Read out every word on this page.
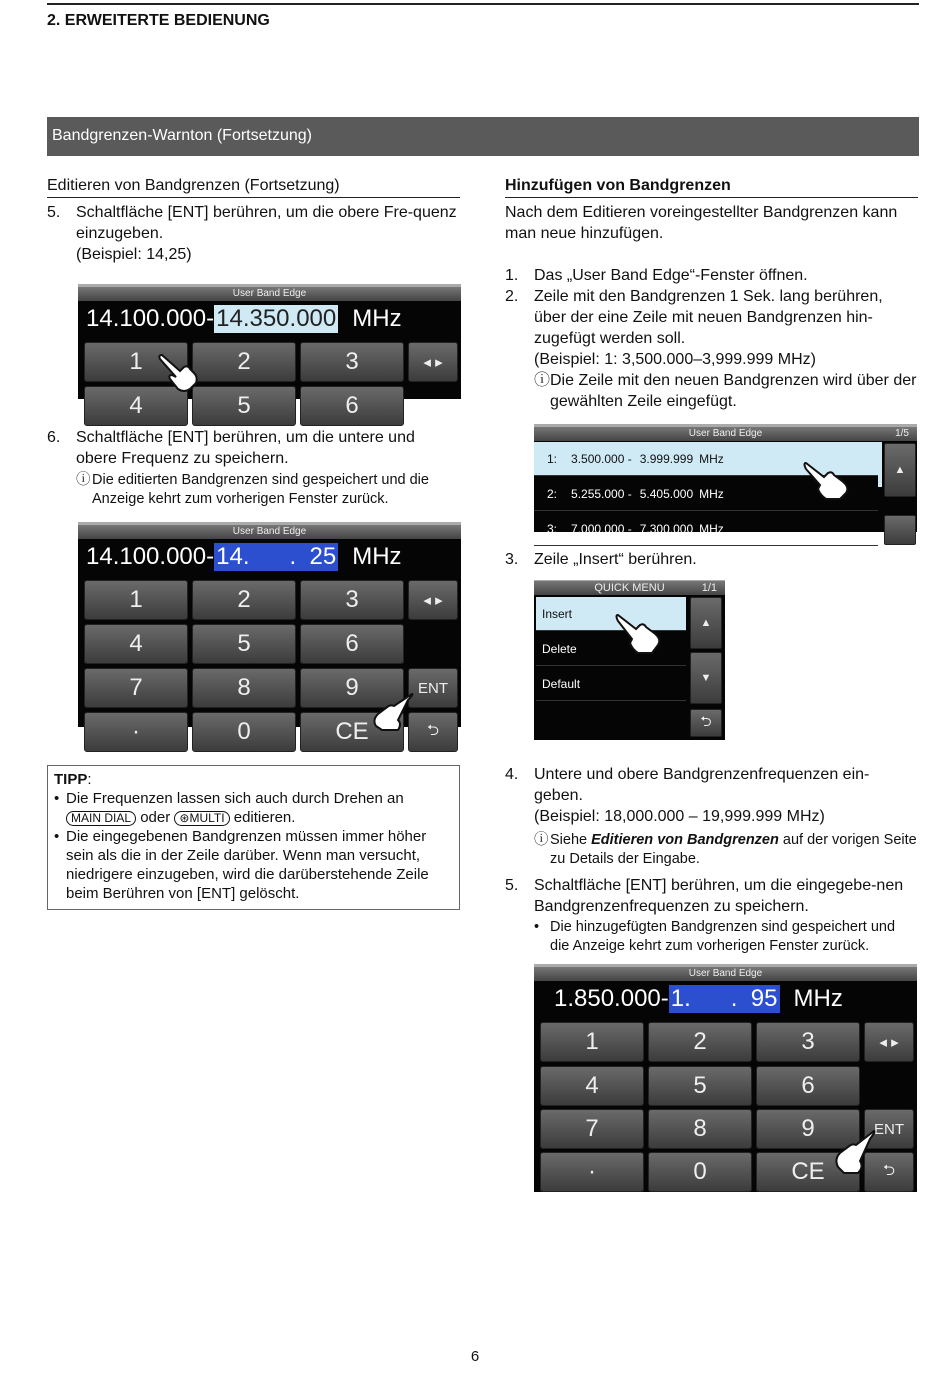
2. ERWEITERTE BEDIENUNG
Bandgrenzen-Warnton (Fortsetzung)
Editieren von Bandgrenzen (Fortsetzung)
5. Schaltfläche [ENT] berühren, um die obere Fre-quenz einzugeben.
(Beispiel: 14,25)
User Band Edge
14.100.000 - 14.350.000 MHz
1	2	3	◂ ▸
4	5	6
6. Schaltfläche [ENT] berühren, um die untere und obere Frequenz zu speichern.
ⓘ Die editierten Bandgrenzen sind gespeichert und die Anzeige kehrt zum vorherigen Fenster zurück.
User Band Edge
14.100.000 - 14.      .  25 MHz
1	2	3	◂ ▸
4	5	6
7	8	9	ENT
·	0	CE	⮌
TIPP:
• Die Frequenzen lassen sich auch durch Drehen an
MAIN DIAL oder ⊛MULTI editieren.
• Die eingegebenen Bandgrenzen müssen immer höher sein als die in der Zeile darüber. Wenn man versucht, niedrigere einzugeben, wird die darüberstehende Zeile beim Berühren von [ENT] gelöscht.
Hinzufügen von Bandgrenzen
Nach dem Editieren voreingestellter Bandgrenzen kann man neue hinzufügen.
1. Das „User Band Edge“-Fenster öffnen.
2. Zeile mit den Bandgrenzen 1 Sek. lang berühren, über der eine Zeile mit neuen Bandgrenzen hin-zugefügt werden soll.
(Beispiel: 1: 3,500.000–3,999.999 MHz)
ⓘ Die Zeile mit den neuen Bandgrenzen wird über der gewählten Zeile eingefügt.
User Band Edge	1/5
1: 3.500.000 - 3.999.999 MHz
2: 5.255.000 - 5.405.000 MHz
3: 7.000.000 - 7.300.000 MHz
▲
3. Zeile „Insert“ berühren.
QUICK MENU	1/1
Insert
Delete
Default
▲
▼
⮌
4. Untere und obere Bandgrenzenfrequenzen ein-geben.
(Beispiel: 18,000.000 – 19,999.999 MHz)
ⓘ Siehe Editieren von Bandgrenzen auf der vorigen Seite zu Details der Eingabe.
5. Schaltfläche [ENT] berühren, um die eingegebe-nen Bandgrenzenfrequenzen zu speichern.
• Die hinzugefügten Bandgrenzen sind gespeichert und die Anzeige kehrt zum vorherigen Fenster zurück.
User Band Edge
1.850.000 - 1.      .  95 MHz
1	2	3	◂ ▸
4	5	6
7	8	9	ENT
·	0	CE	⮌
6
